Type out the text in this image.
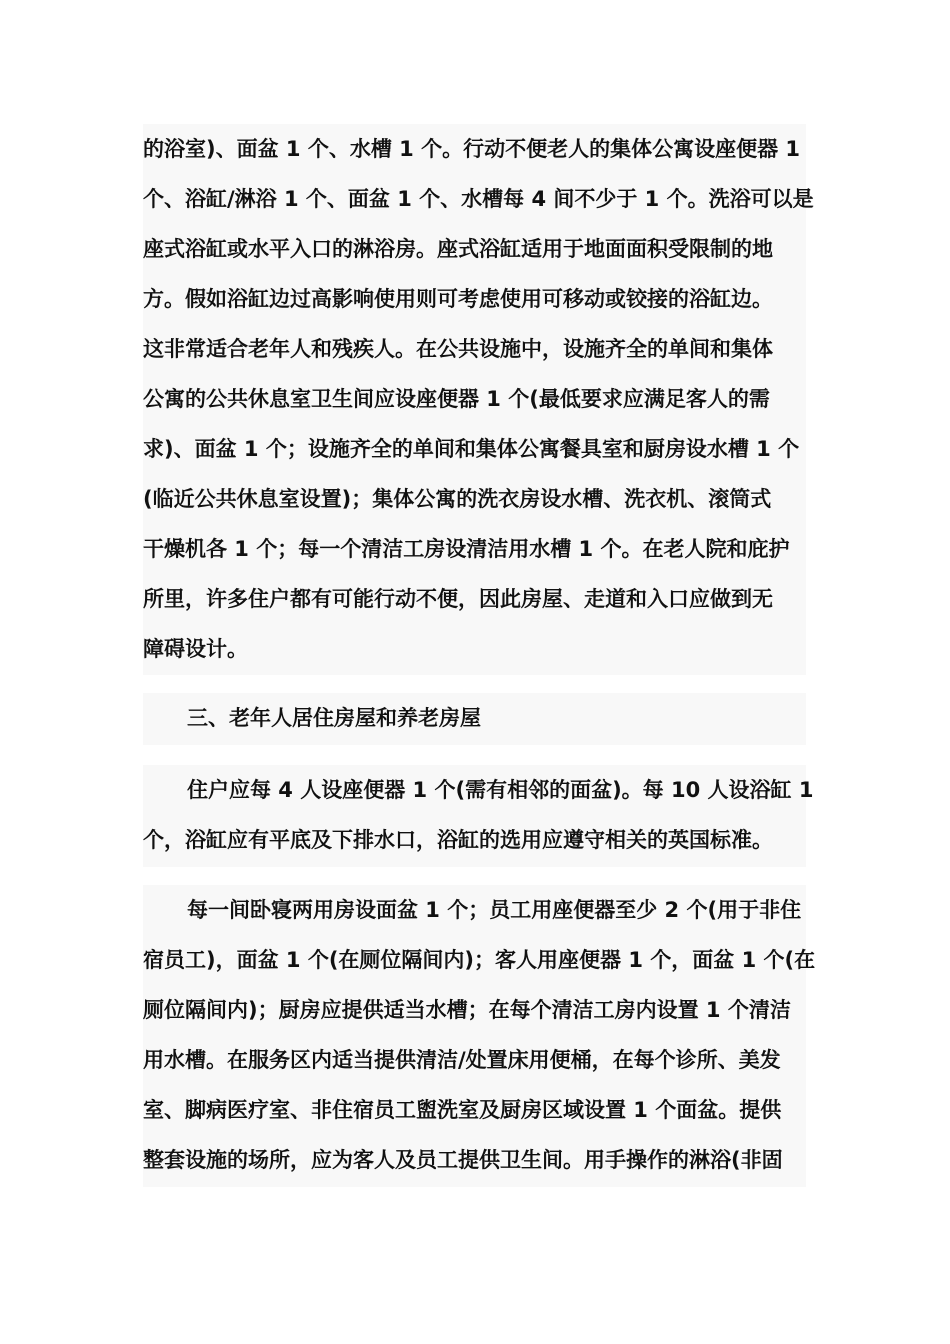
的浴室)、面盆 1 个、水槽 1 个。行动不便老人的集体公寓设座便器 1
个、浴缸/淋浴 1 个、面盆 1 个、水槽每 4 间不少于 1 个。洗浴可以是
座式浴缸或水平入口的淋浴房。座式浴缸适用于地面面积受限制的地
方。假如浴缸边过高影响使用则可考虑使用可移动或铰接的浴缸边。
这非常适合老年人和残疾人。在公共设施中，设施齐全的单间和集体
公寓的公共休息室卫生间应设座便器 1 个(最低要求应满足客人的需
求)、面盆 1 个；设施齐全的单间和集体公寓餐具室和厨房设水槽 1 个
(临近公共休息室设置)；集体公寓的洗衣房设水槽、洗衣机、滚筒式
干燥机各 1 个；每一个清洁工房设清洁用水槽 1 个。在老人院和庇护
所里，许多住户都有可能行动不便，因此房屋、走道和入口应做到无
障碍设计。
三、老年人居住房屋和养老房屋
住户应每 4 人设座便器 1 个(需有相邻的面盆)。每 10 人设浴缸 1
个，浴缸应有平底及下排水口，浴缸的选用应遵守相关的英国标准。
每一间卧寝两用房设面盆 1 个；员工用座便器至少 2 个(用于非住
宿员工)，面盆 1 个(在厕位隔间内)；客人用座便器 1 个，面盆 1 个(在
厕位隔间内)；厨房应提供适当水槽；在每个清洁工房内设置 1 个清洁
用水槽。在服务区内适当提供清洁/处置床用便桶，在每个诊所、美发
室、脚病医疗室、非住宿员工盥洗室及厨房区域设置 1 个面盆。提供
整套设施的场所，应为客人及员工提供卫生间。用手操作的淋浴(非固
